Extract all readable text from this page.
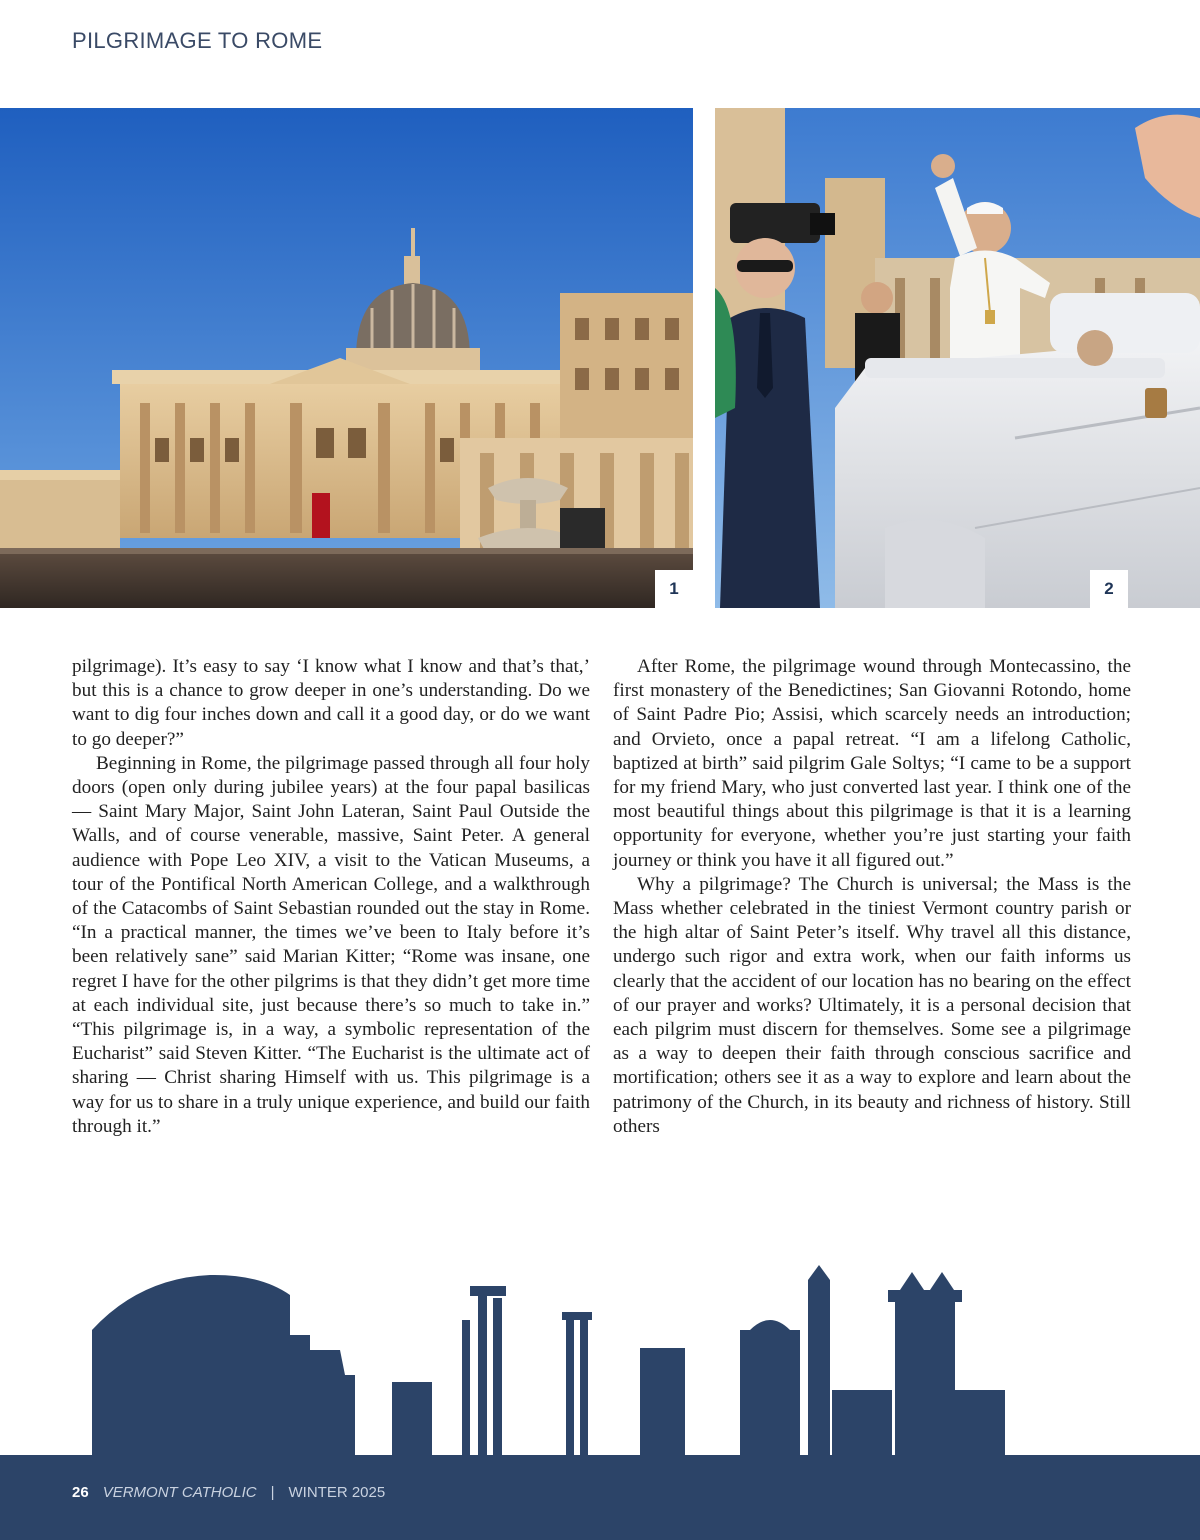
PILGRIMAGE TO ROME
1	2

pilgrimage). It’s easy to say ‘I know what I know and that’s that,’ but this is a chance to grow deeper in one’s understanding. Do we want to dig four inches down and call it a good day, or do we want to go deeper?”

Beginning in Rome, the pilgrimage passed through all four holy doors (open only during jubilee years) at the four papal basilicas — Saint Mary Major, Saint John Lateran, Saint Paul Outside the Walls, and of course venerable, massive, Saint Peter. A general audience with Pope Leo XIV, a visit to the Vatican Museums, a tour of the Pontifical North American College, and a walkthrough of the Catacombs of Saint Sebastian rounded out the stay in Rome. “In a practical manner, the times we’ve been to Italy before it’s been relatively sane” said Marian Kitter; “Rome was insane, one regret I have for the other pilgrims is that they didn’t get more time at each individual site, just because there’s so much to take in.” “This pilgrimage is, in a way, a symbolic representation of the Eucharist” said Steven Kitter. “The Eucharist is the ultimate act of sharing — Christ sharing Himself with us. This pilgrimage is a way for us to share in a truly unique experience, and build our faith through it.”

After Rome, the pilgrimage wound through Montecassino, the first monastery of the Benedictines; San Giovanni Rotondo, home of Saint Padre Pio; Assisi, which scarcely needs an introduction; and Orvieto, once a papal retreat. “I am a lifelong Catholic, baptized at birth” said pilgrim Gale Soltys; “I came to be a support for my friend Mary, who just converted last year. I think one of the most beautiful things about this pilgrimage is that it is a learning opportunity for everyone, whether you’re just starting your faith journey or think you have it all figured out.”

Why a pilgrimage? The Church is universal; the Mass is the Mass whether celebrated in the tiniest Vermont country parish or the high altar of Saint Peter’s itself. Why travel all this distance, undergo such rigor and extra work, when our faith informs us clearly that the accident of our location has no bearing on the effect of our prayer and works? Ultimately, it is a personal decision that each pilgrim must discern for themselves. Some see a pilgrimage as a way to deepen their faith through conscious sacrifice and mortification; others see it as a way to explore and learn about the patrimony of the Church, in its beauty and richness of history. Still others

26 VERMONT CATHOLIC | WINTER 2025
